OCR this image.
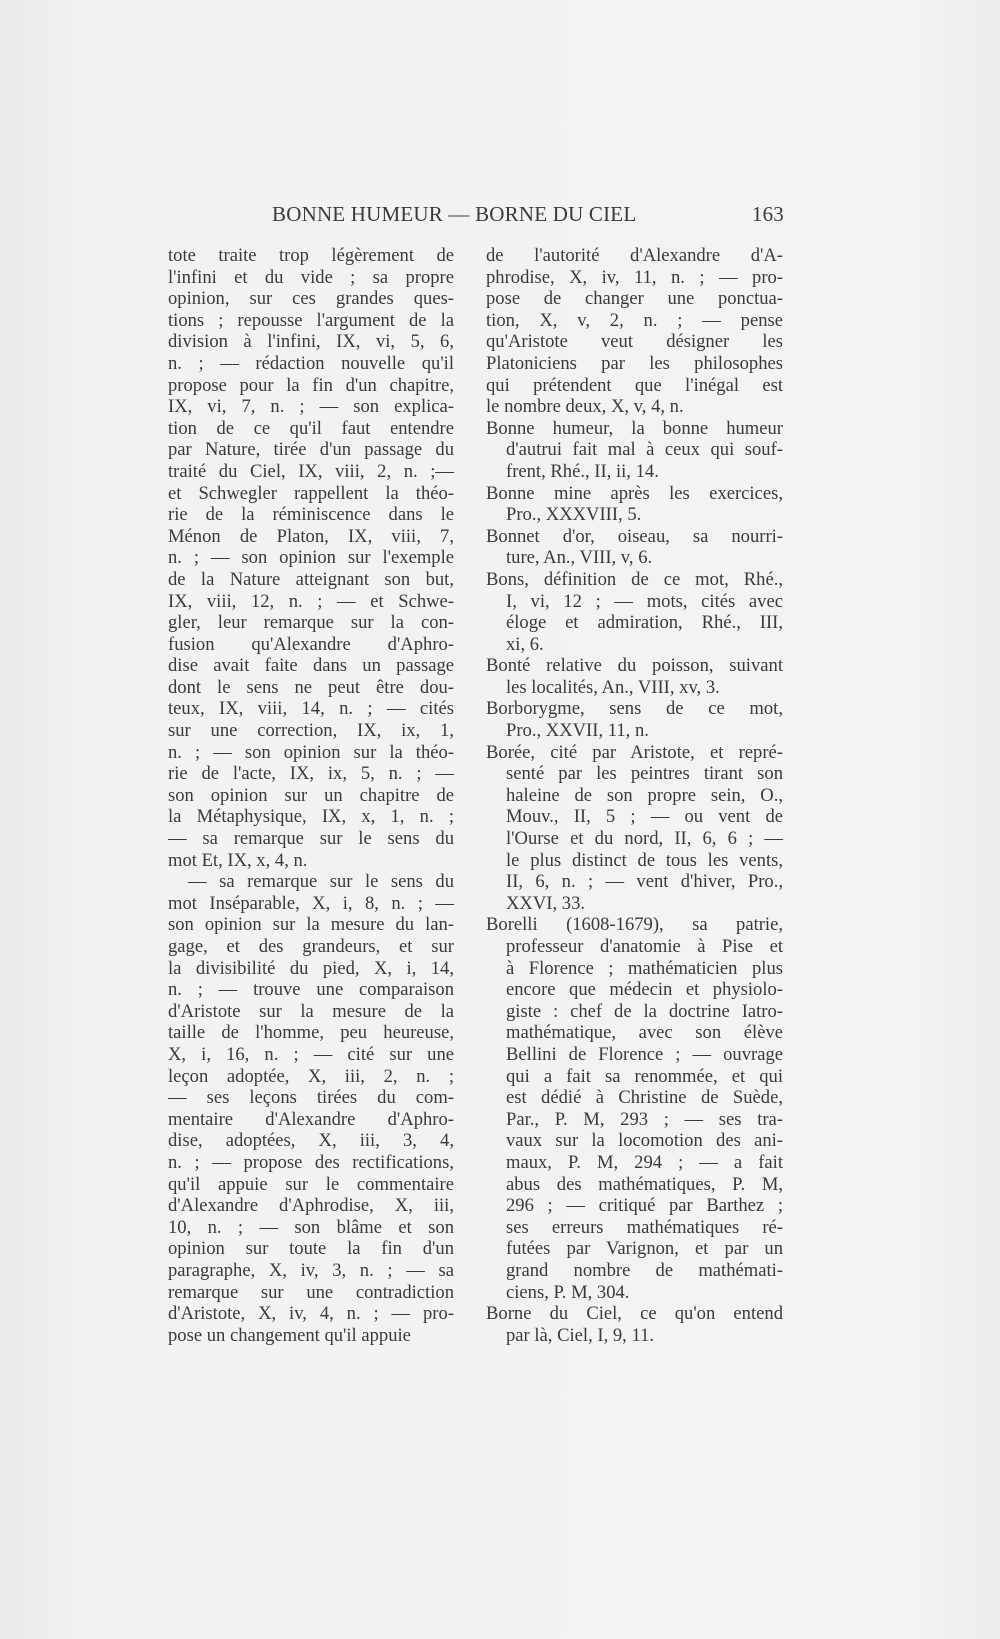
BONNE HUMEUR — BORNE DU CIEL	163
tote traite trop légèrement de
l'infini et du vide ; sa propre
opinion, sur ces grandes ques-
tions ; repousse l'argument de la
division à l'infini, IX, vi, 5, 6,
n. ; — rédaction nouvelle qu'il
propose pour la fin d'un chapitre,
IX, vi, 7, n. ; — son explica-
tion de ce qu'il faut entendre
par Nature, tirée d'un passage du
traité du Ciel, IX, viii, 2, n. ;—
et Schwegler rappellent la théo-
rie de la réminiscence dans le
Ménon de Platon, IX, viii, 7,
n. ; — son opinion sur l'exemple
de la Nature atteignant son but,
IX, viii, 12, n. ; — et Schwe-
gler, leur remarque sur la con-
fusion qu'Alexandre d'Aphro-
dise avait faite dans un passage
dont le sens ne peut être dou-
teux, IX, viii, 14, n. ; — cités
sur une correction, IX, ix, 1,
n. ; — son opinion sur la théo-
rie de l'acte, IX, ix, 5, n. ; —
son opinion sur un chapitre de
la Métaphysique, IX, x, 1, n. ;
— sa remarque sur le sens du
mot Et, IX, x, 4, n.
— sa remarque sur le sens du
mot Inséparable, X, i, 8, n. ; —
son opinion sur la mesure du lan-
gage, et des grandeurs, et sur
la divisibilité du pied, X, i, 14,
n. ; — trouve une comparaison
d'Aristote sur la mesure de la
taille de l'homme, peu heureuse,
X, i, 16, n. ; — cité sur une
leçon adoptée, X, iii, 2, n. ;
— ses leçons tirées du com-
mentaire d'Alexandre d'Aphro-
dise, adoptées, X, iii, 3, 4,
n. ; — propose des rectifications,
qu'il appuie sur le commentaire
d'Alexandre d'Aphrodise, X, iii,
10, n. ; — son blâme et son
opinion sur toute la fin d'un
paragraphe, X, iv, 3, n. ; — sa
remarque sur une contradiction
d'Aristote, X, iv, 4, n. ; — pro-
pose un changement qu'il appuie
de l'autorité d'Alexandre d'A-
phrodise, X, iv, 11, n. ; — pro-
pose de changer une ponctua-
tion, X, v, 2, n. ; — pense
qu'Aristote veut désigner les
Platoniciens par les philosophes
qui prétendent que l'inégal est
le nombre deux, X, v, 4, n.
Bonne humeur, la bonne humeur
d'autrui fait mal à ceux qui souf-
frent, Rhé., II, ii, 14.
Bonne mine après les exercices,
Pro., XXXVIII, 5.
Bonnet d'or, oiseau, sa nourri-
ture, An., VIII, v, 6.
Bons, définition de ce mot, Rhé.,
I, vi, 12 ; — mots, cités avec
éloge et admiration, Rhé., III,
xi, 6.
Bonté relative du poisson, suivant
les localités, An., VIII, xv, 3.
Borborygme, sens de ce mot,
Pro., XXVII, 11, n.
Borée, cité par Aristote, et repré-
senté par les peintres tirant son
haleine de son propre sein, O.,
Mouv., II, 5 ; — ou vent de
l'Ourse et du nord, II, 6, 6 ; —
le plus distinct de tous les vents,
II, 6, n. ; — vent d'hiver, Pro.,
XXVI, 33.
Borelli (1608-1679), sa patrie,
professeur d'anatomie à Pise et
à Florence ; mathématicien plus
encore que médecin et physiolo-
giste : chef de la doctrine Iatro-
mathématique, avec son élève
Bellini de Florence ; — ouvrage
qui a fait sa renommée, et qui
est dédié à Christine de Suède,
Par., P. M, 293 ; — ses tra-
vaux sur la locomotion des ani-
maux, P. M, 294 ; — a fait
abus des mathématiques, P. M,
296 ; — critiqué par Barthez ;
ses erreurs mathématiques ré-
futées par Varignon, et par un
grand nombre de mathémati-
ciens, P. M, 304.
Borne du Ciel, ce qu'on entend
par là, Ciel, I, 9, 11.
